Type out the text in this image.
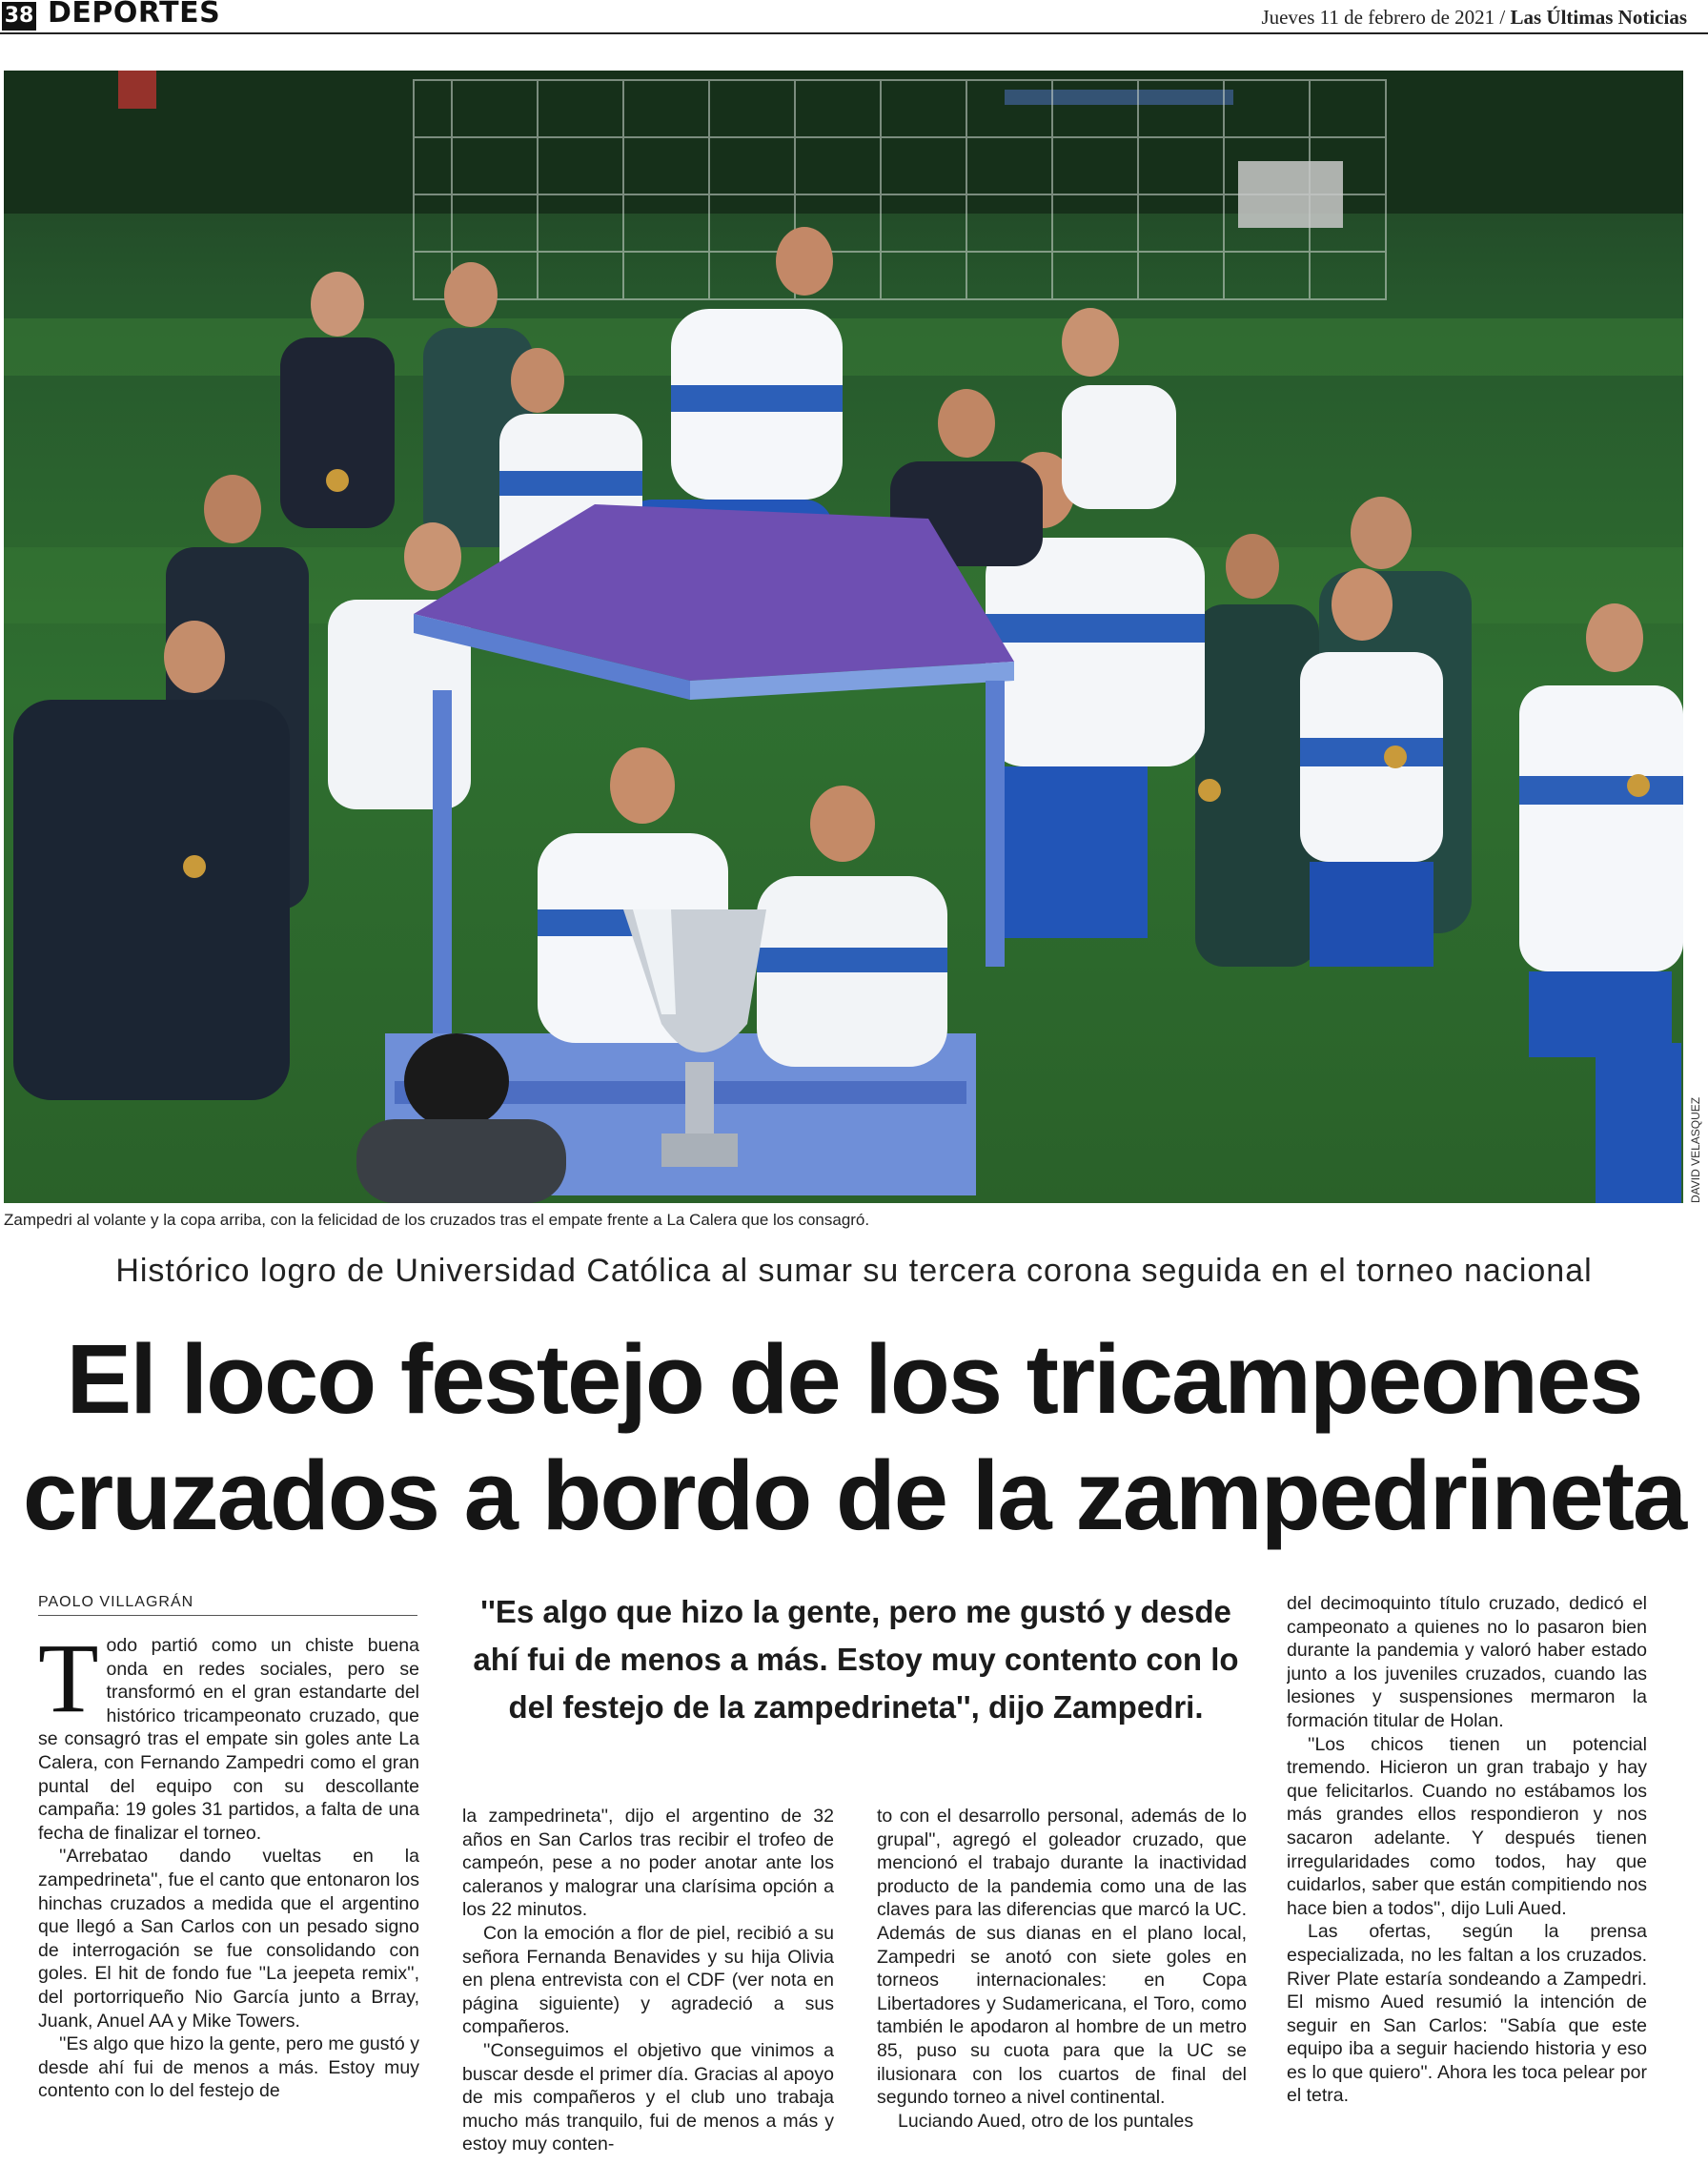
38 DEPORTES	Jueves 11 de febrero de 2021 / Las Últimas Noticias
DAVID VELASQUEZ
Zampedri al volante y la copa arriba, con la felicidad de los cruzados tras el empate frente a La Calera que los consagró.
Histórico logro de Universidad Católica al sumar su tercera corona seguida en el torneo nacional
El loco festejo de los tricampeones
cruzados a bordo de la zampedrineta
PAOLO VILLAGRÁN

Todo partió como un chiste buena onda en redes sociales, pero se transformó en el gran estandarte del histórico tricampeonato cruzado, que se consagró tras el empate sin goles ante La Calera, con Fernando Zampedri como el gran puntal del equipo con su descollante campaña: 19 goles 31 partidos, a falta de una fecha de finalizar el torneo.

''Arrebatao dando vueltas en la zampedrineta'', fue el canto que entonaron los hinchas cruzados a medida que el argentino que llegó a San Carlos con un pesado signo de interrogación se fue consolidando con goles. El hit de fondo fue ''La jeepeta remix'', del portorriqueño Nio García junto a Brray, Juank, Anuel AA y Mike Towers.

''Es algo que hizo la gente, pero me gustó y desde ahí fui de menos a más. Estoy muy contento con lo del festejo de

''Es algo que hizo la gente, pero me gustó y desde ahí fui de menos a más. Estoy muy contento con lo del festejo de la zampedrineta'', dijo Zampedri.

la zampedrineta'', dijo el argentino de 32 años en San Carlos tras recibir el trofeo de campeón, pese a no poder anotar ante los caleranos y malograr una clarísima opción a los 22 minutos.

Con la emoción a flor de piel, recibió a su señora Fernanda Benavides y su hija Olivia en plena entrevista con el CDF (ver nota en página siguiente) y agradeció a sus compañeros.

''Conseguimos el objetivo que vinimos a buscar desde el primer día. Gracias al apoyo de mis compañeros y el club uno trabaja mucho más tranquilo, fui de menos a más y estoy muy conten-

to con el desarrollo personal, además de lo grupal'', agregó el goleador cruzado, que mencionó el trabajo durante la inactividad producto de la pandemia como una de las claves para las diferencias que marcó la UC. Además de sus dianas en el plano local, Zampedri se anotó con siete goles en torneos internacionales: en Copa Libertadores y Sudamericana, el Toro, como también le apodaron al hombre de un metro 85, puso su cuota para que la UC se ilusionara con los cuartos de final del segundo torneo a nivel continental.

Luciando Aued, otro de los puntales

del decimoquinto título cruzado, dedicó el campeonato a quienes no lo pasaron bien durante la pandemia y valoró haber estado junto a los juveniles cruzados, cuando las lesiones y suspensiones mermaron la formación titular de Holan.

''Los chicos tienen un potencial tremendo. Hicieron un gran trabajo y hay que felicitarlos. Cuando no estábamos los más grandes ellos respondieron y nos sacaron adelante. Y después tienen irregularidades como todos, hay que cuidarlos, saber que están compitiendo nos hace bien a todos'', dijo Luli Aued.

Las ofertas, según la prensa especializada, no les faltan a los cruzados. River Plate estaría sondeando a Zampedri. El mismo Aued resumió la intención de seguir en San Carlos: ''Sabía que este equipo iba a seguir haciendo historia y eso es lo que quiero''. Ahora les toca pelear por el tetra.
